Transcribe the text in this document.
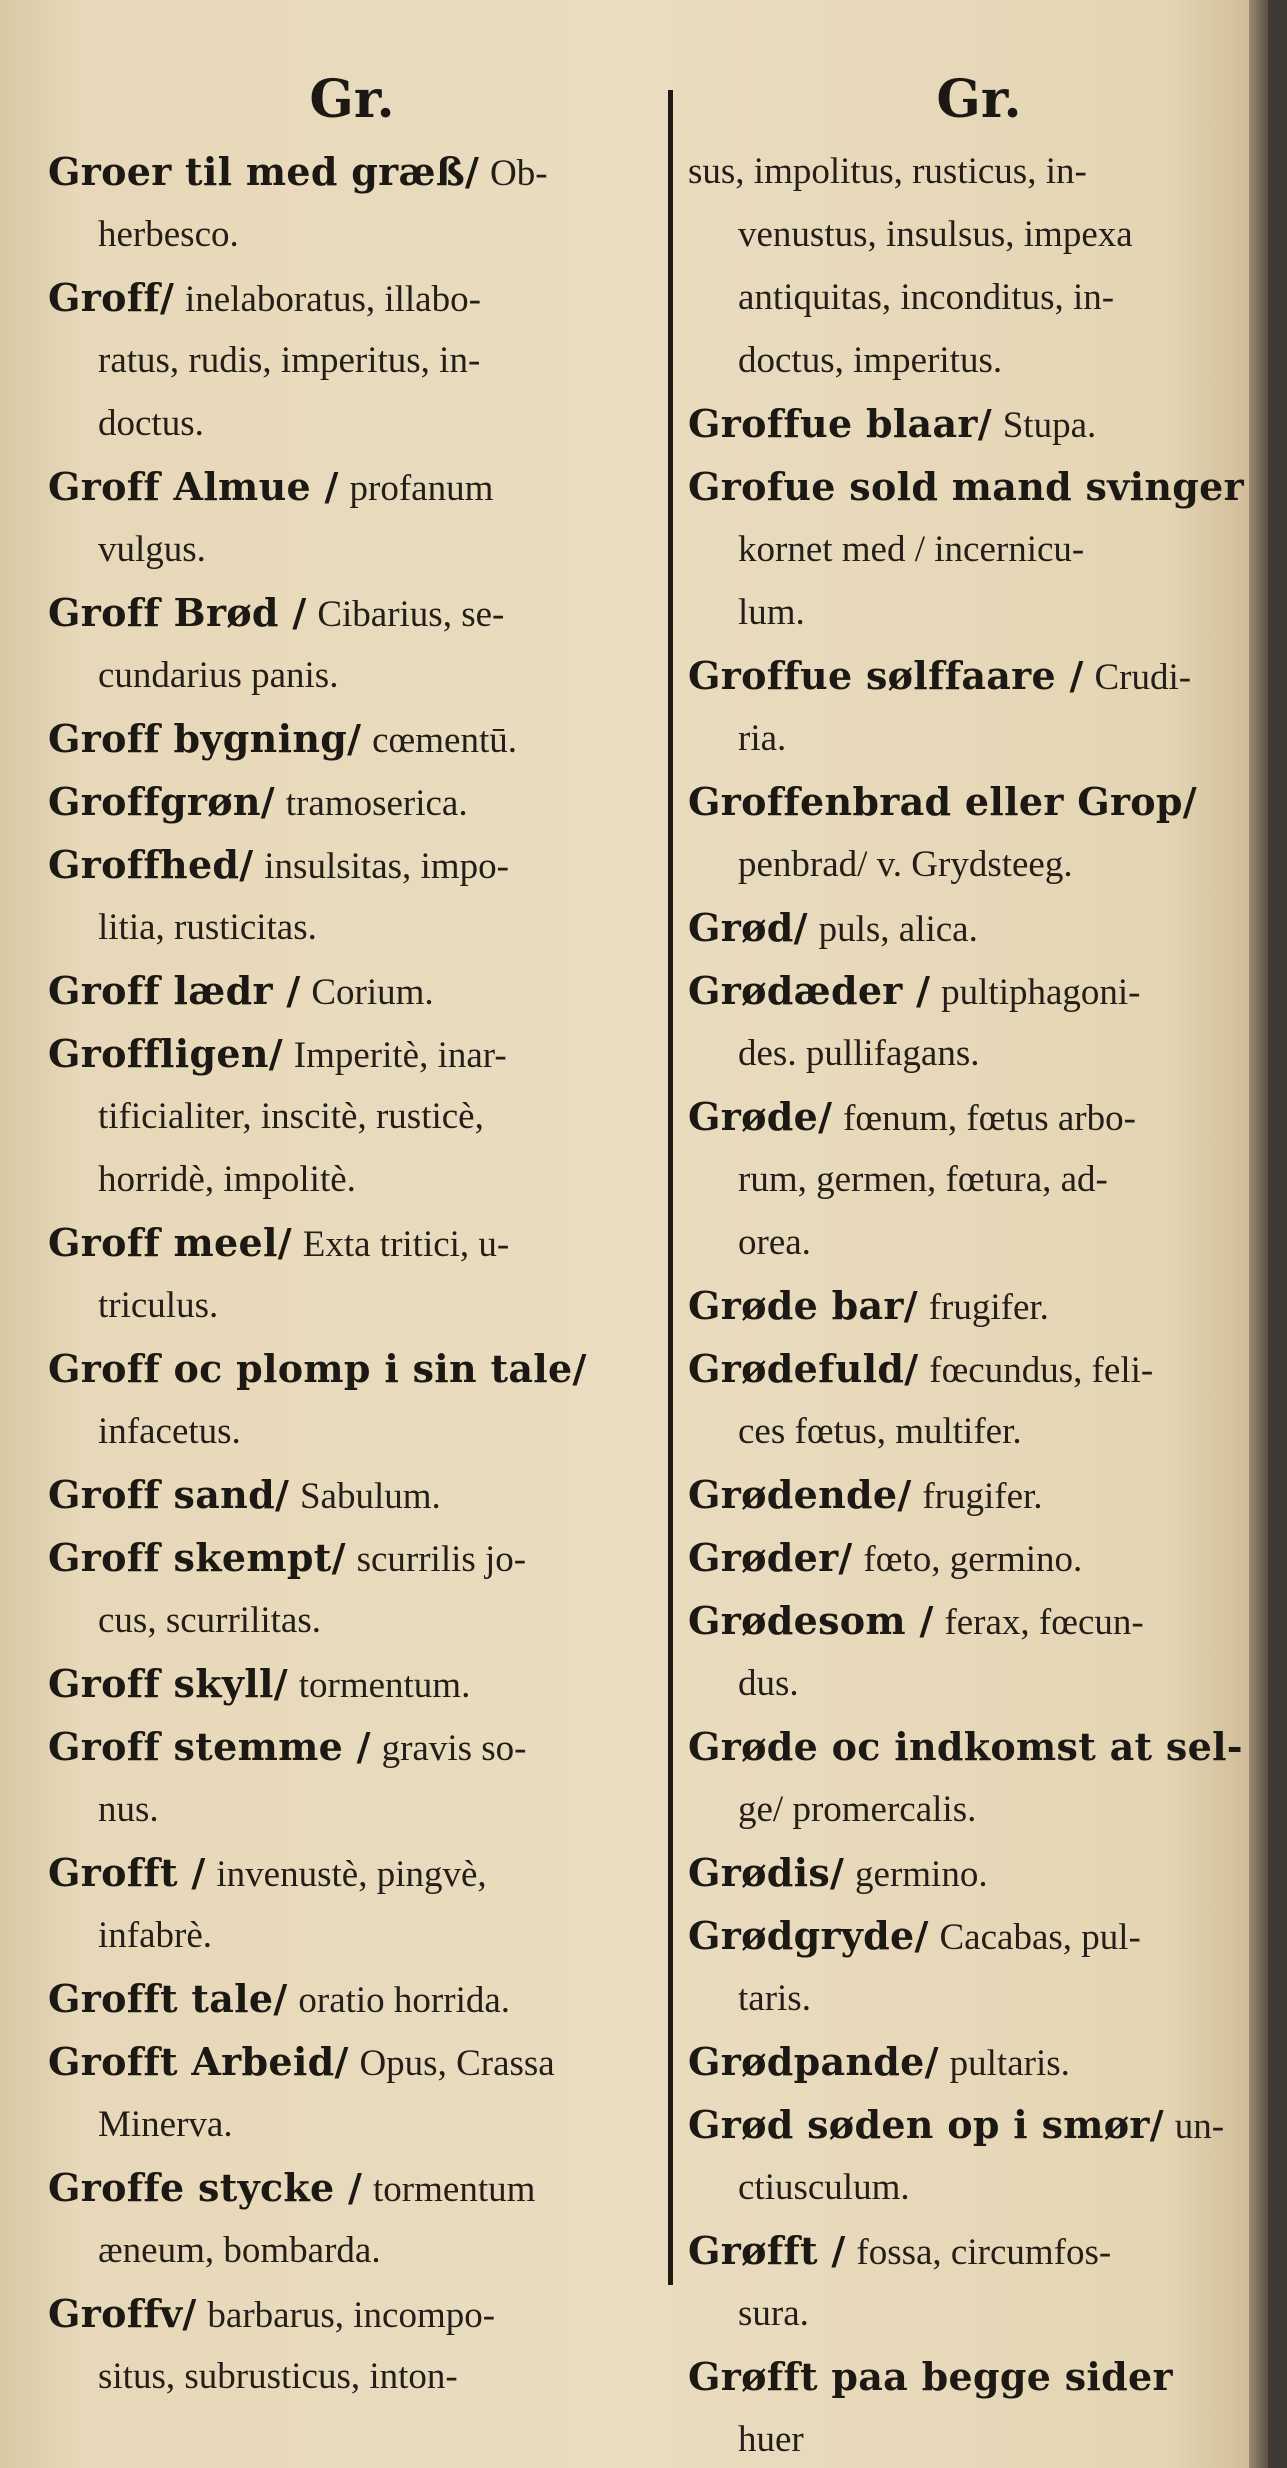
Gr.
Groer til med græß/ Ob-
herbesco.
Groff/ inelaboratus, illabo-
ratus, rudis, imperitus, in-
doctus.
Groff Almue / profanum
vulgus.
Groff Brød / Cibarius, se-
cundarius panis.
Groff bygning/ cœmentū.
Groffgrøn/ tramoserica.
Groffhed/ insulsitas, impo-
litia, rusticitas.
Groff lædr / Corium.
Groffligen/ Imperitè, inar-
tificialiter, inscitè, rusticè,
horridè, impolitè.
Groff meel/ Exta tritici, u-
triculus.
Groff oc plomp i sin tale/
infacetus.
Groff sand/ Sabulum.
Groff skempt/ scurrilis jo-
cus, scurrilitas.
Groff skyll/ tormentum.
Groff stemme / gravis so-
nus.
Grofft / invenustè, pingvè,
infabrè.
Grofft tale/ oratio horrida.
Grofft Arbeid/ Opus, Crassa
Minerva.
Groffe stycke / tormentum
æneum, bombarda.
Groffv/ barbarus, incompo-
situs, subrusticus, inton-
Gr.
sus, impolitus, rusticus, in-
venustus, insulsus, impexa
antiquitas, inconditus, in-
doctus, imperitus.
Groffue blaar/ Stupa.
Grofue sold mand svinger
kornet med / incernicu-
lum.
Groffue sølffaare / Crudi-
ria.
Groffenbrad eller Grop/
penbrad/ v. Grydsteeg.
Grød/ puls, alica.
Grødæder / pultiphagoni-
des. pullifagans.
Grøde/ fœnum, fœtus arbo-
rum, germen, fœtura, ad-
orea.
Grøde bar/ frugifer.
Grødefuld/ fœcundus, feli-
ces fœtus, multifer.
Grødende/ frugifer.
Grøder/ fœto, germino.
Grødesom / ferax, fœcun-
dus.
Grøde oc indkomst at sel-
ge/ promercalis.
Grødis/ germino.
Grødgryde/ Cacabas, pul-
taris.
Grødpande/ pultaris.
Grød søden op i smør/ un-
ctiusculum.
Grøfft / fossa, circumfos-
sura.
Grøfft paa begge sider
huer
